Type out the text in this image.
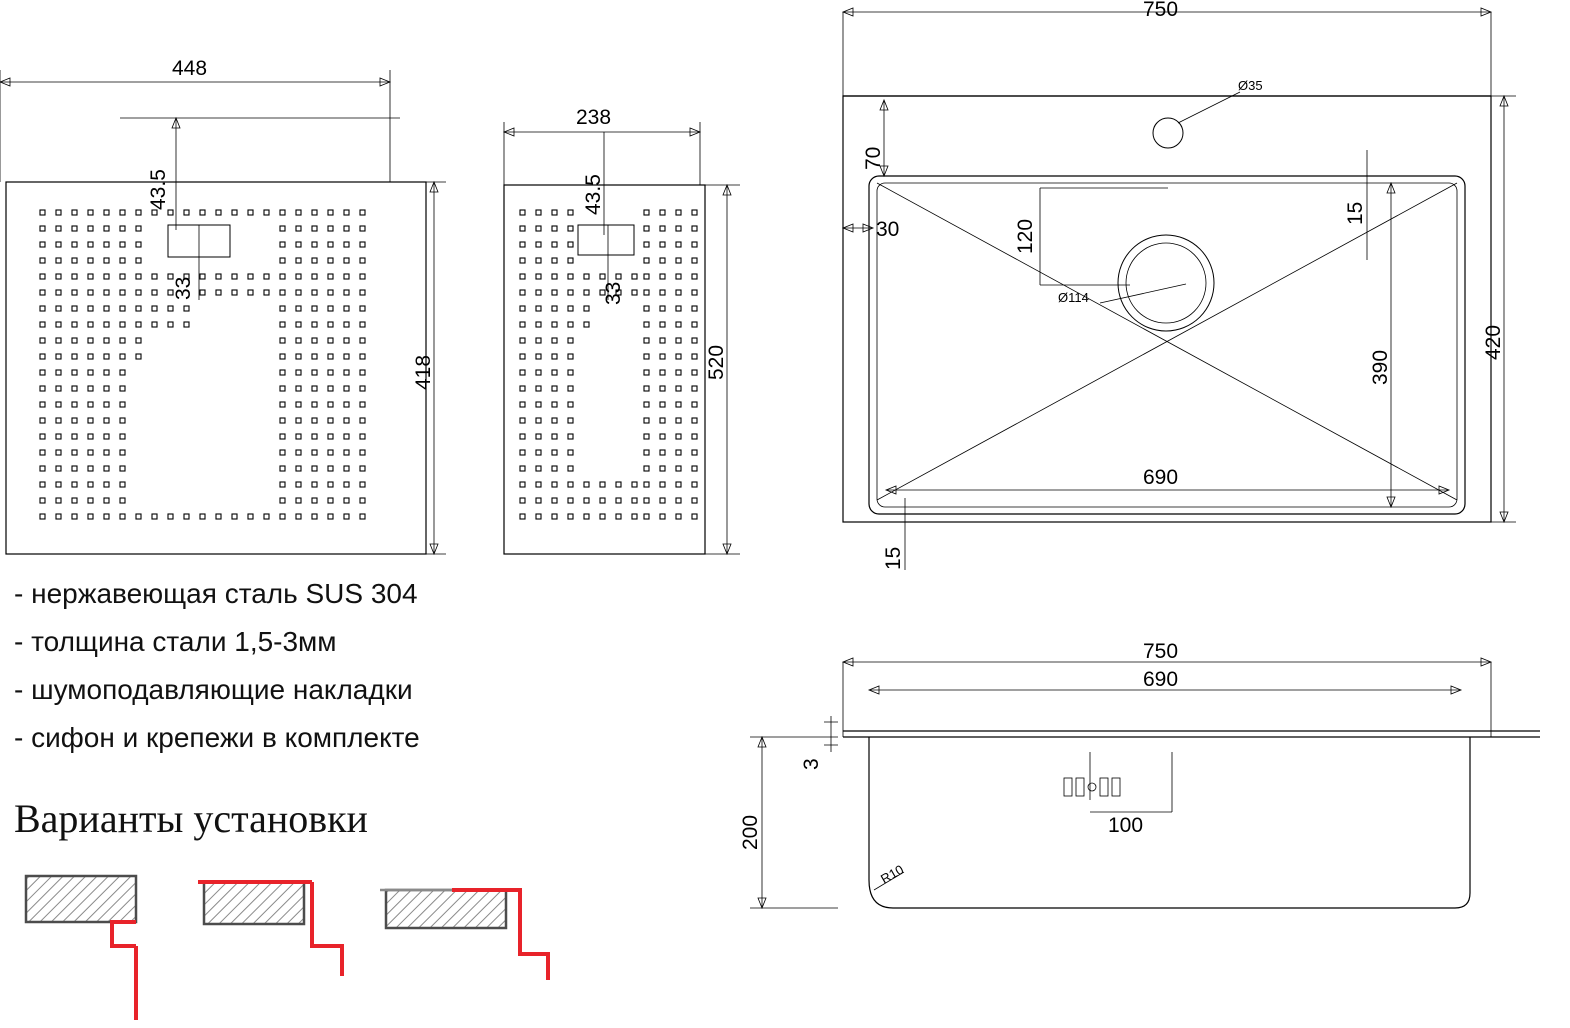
448
43.5
33
418
238
43.5
33
520
750
Ø35
70
30
15
120
Ø114
15
390
420
690
750
690
3
200	100
R10
- нержавеющая сталь SUS 304
- толщина стали 1,5-3мм
- шумоподавляющие накладки
- сифон и крепежи в комплекте
Варианты установки
